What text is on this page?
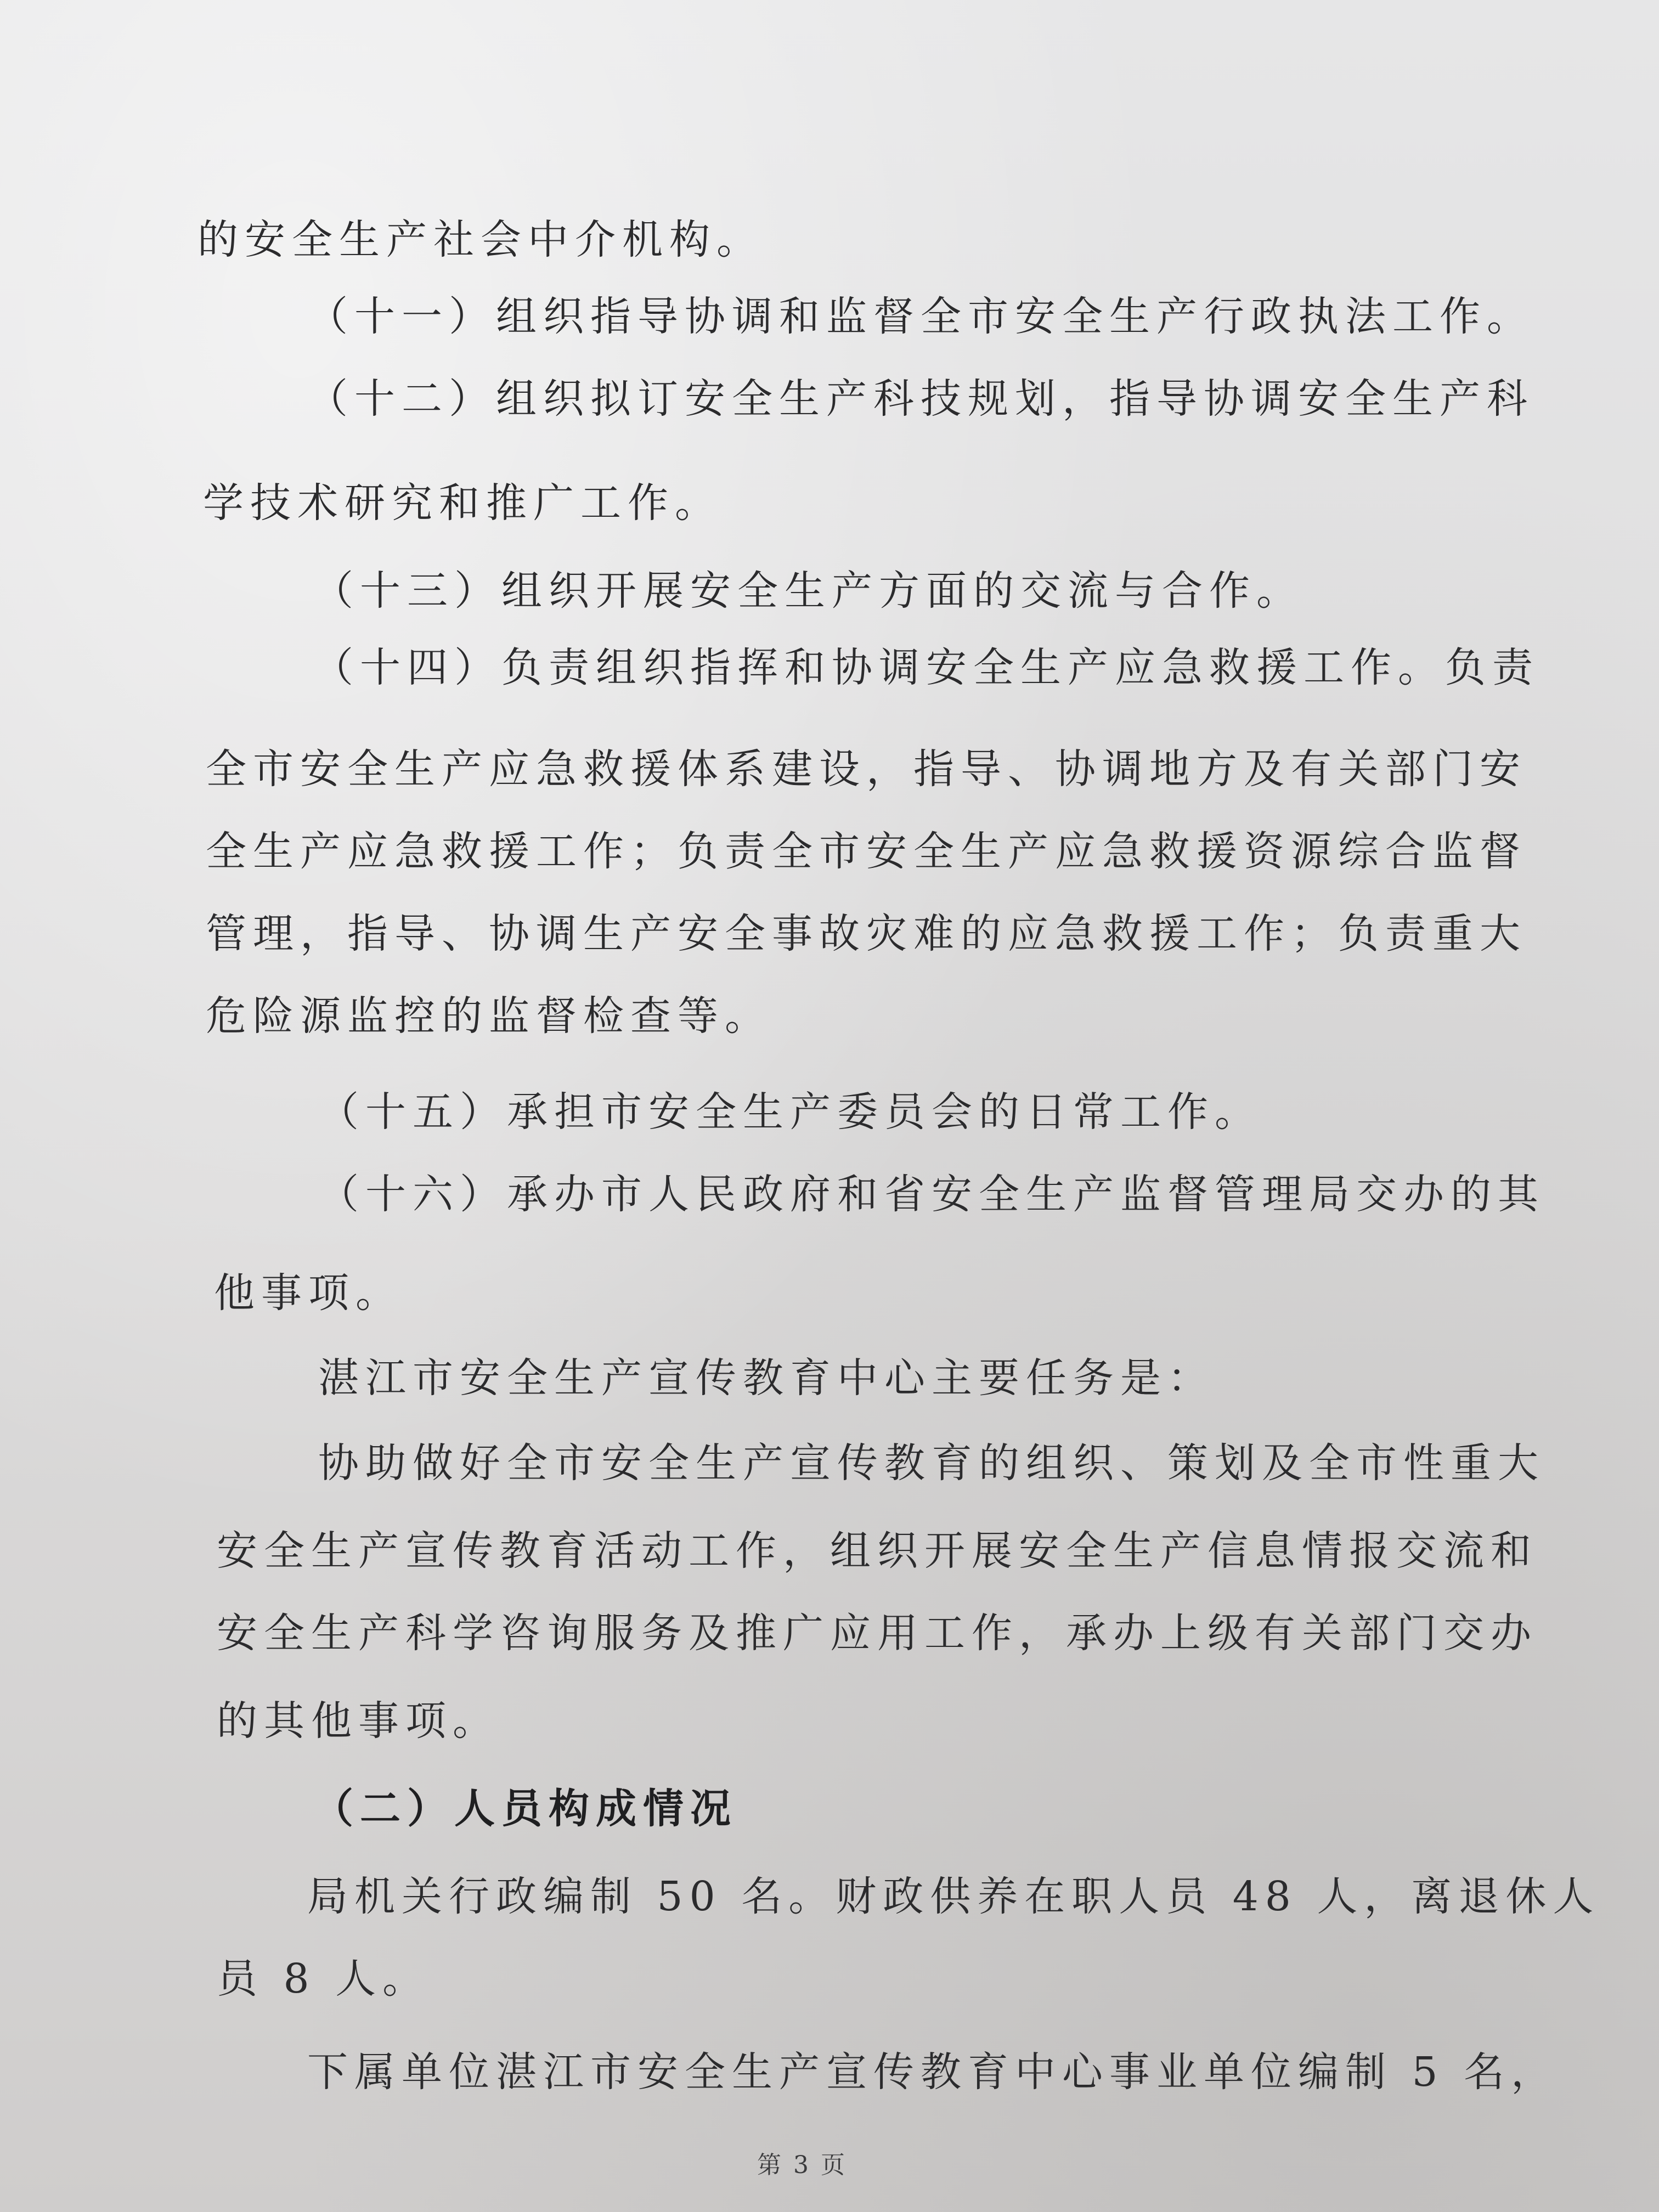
的安全生产社会中介机构。
（十一）组织指导协调和监督全市安全生产行政执法工作。
（十二）组织拟订安全生产科技规划，指导协调安全生产科
学技术研究和推广工作。
（十三）组织开展安全生产方面的交流与合作。
（十四）负责组织指挥和协调安全生产应急救援工作。负责
全市安全生产应急救援体系建设，指导、协调地方及有关部门安
全生产应急救援工作；负责全市安全生产应急救援资源综合监督
管理，指导、协调生产安全事故灾难的应急救援工作；负责重大
危险源监控的监督检查等。
（十五）承担市安全生产委员会的日常工作。
（十六）承办市人民政府和省安全生产监督管理局交办的其
他事项。
湛江市安全生产宣传教育中心主要任务是：
协助做好全市安全生产宣传教育的组织、策划及全市性重大
安全生产宣传教育活动工作，组织开展安全生产信息情报交流和
安全生产科学咨询服务及推广应用工作，承办上级有关部门交办
的其他事项。
（二）人员构成情况
局机关行政编制 50 名。财政供养在职人员 48 人，离退休人
员 8 人。
下属单位湛江市安全生产宣传教育中心事业单位编制 5 名，
第 3 页
